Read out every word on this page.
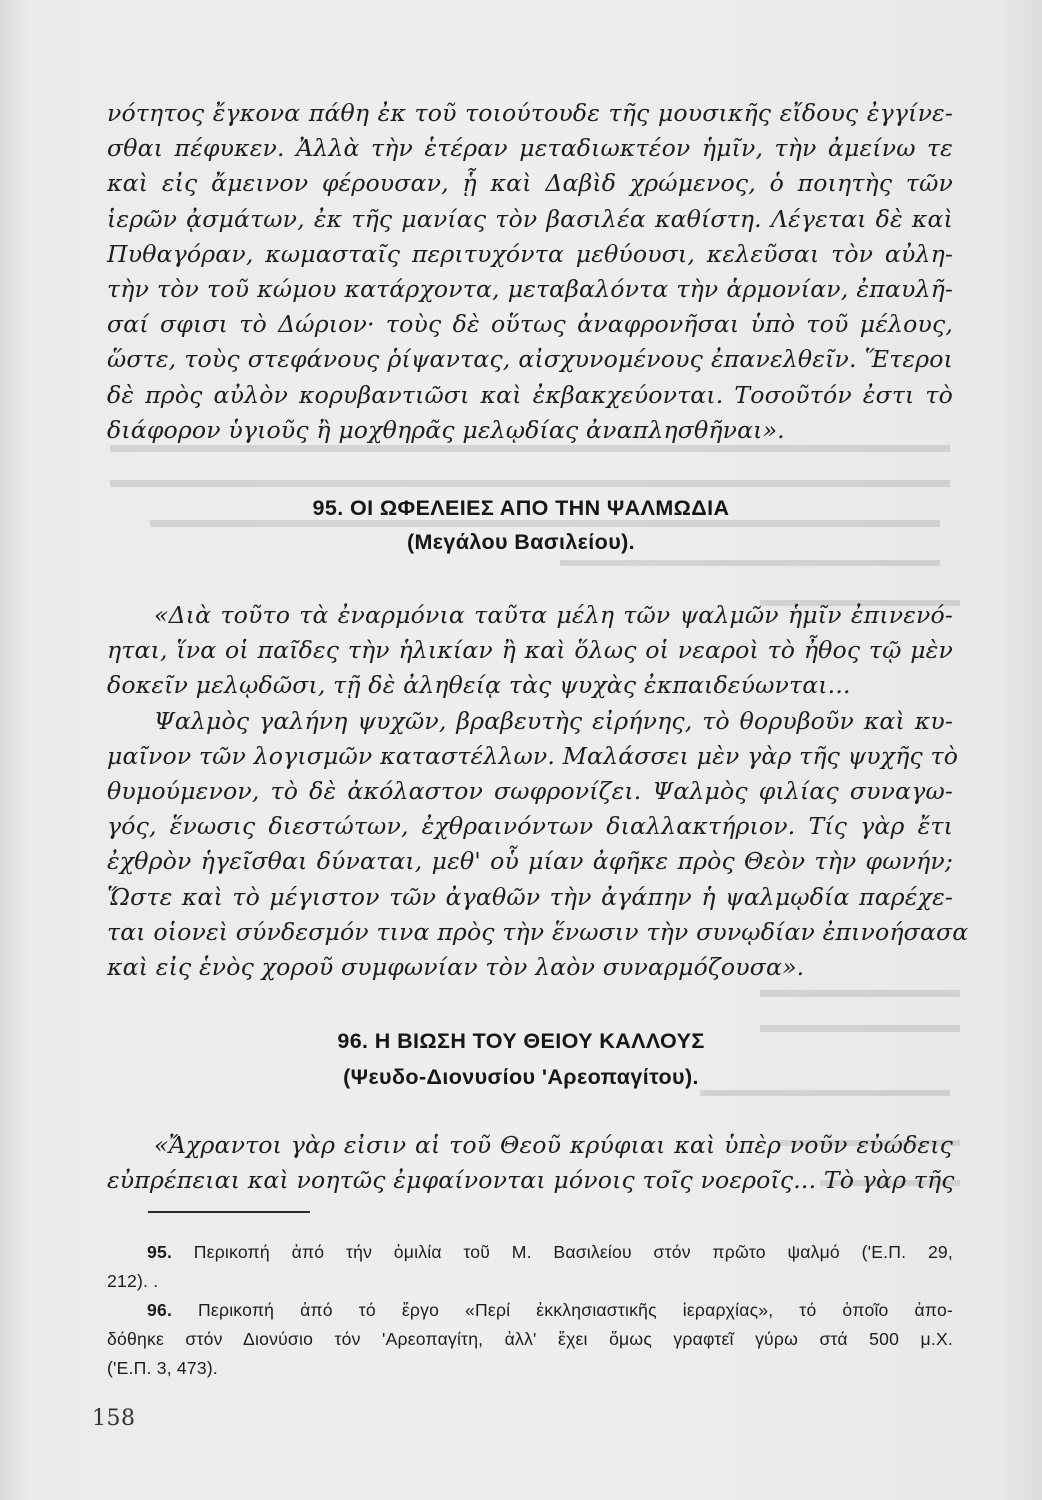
νότητος ἔγκονα πάθη ἐκ τοῦ τοιούτουδε τῆς μουσικῆς εἴδους ἐγγίνε-
σθαι πέφυκεν. Ἀλλὰ τὴν ἑτέραν μεταδιωκτέον ἡμῖν, τὴν ἀμείνω τε
καὶ εἰς ἄμεινον φέρουσαν, ᾗ καὶ Δαβὶδ χρώμενος, ὁ ποιητὴς τῶν
ἱερῶν ᾀσμάτων, ἐκ τῆς μανίας τὸν βασιλέα καθίστη. Λέγεται δὲ καὶ
Πυθαγόραν, κωμασταῖς περιτυχόντα μεθύουσι, κελεῦσαι τὸν αὐλη-
τὴν τὸν τοῦ κώμου κατάρχοντα, μεταβαλόντα τὴν ἁρμονίαν, ἐπαυλῆ-
σαί σφισι τὸ Δώριον· τοὺς δὲ οὕτως ἀναφρονῆσαι ὑπὸ τοῦ μέλους,
ὥστε, τοὺς στεφάνους ῥίψαντας, αἰσχυνομένους ἐπανελθεῖν. Ἕτεροι
δὲ πρὸς αὐλὸν κορυβαντιῶσι καὶ ἐκβακχεύονται. Τοσοῦτόν ἐστι τὸ
διάφορον ὑγιοῦς ἢ μοχθηρᾶς μελῳδίας ἀναπλησθῆναι».
95. ΟΙ ΩΦΕΛΕΙΕΣ ΑΠΟ ΤΗΝ ΨΑΛΜΩΔΙΑ
(Μεγάλου Βασιλείου).
«Διὰ τοῦτο τὰ ἐναρμόνια ταῦτα μέλη τῶν ψαλμῶν ἡμῖν ἐπινενό-
ηται, ἵνα οἱ παῖδες τὴν ἡλικίαν ἢ καὶ ὅλως οἱ νεαροὶ τὸ ἦθος τῷ μὲν
δοκεῖν μελῳδῶσι, τῇ δὲ ἀληθείᾳ τὰς ψυχὰς ἐκπαιδεύωνται...
Ψαλμὸς γαλήνη ψυχῶν, βραβευτὴς εἰρήνης, τὸ θορυβοῦν καὶ κυ-
μαῖνον τῶν λογισμῶν καταστέλλων. Μαλάσσει μὲν γὰρ τῆς ψυχῆς τὸ
θυμούμενον, τὸ δὲ ἀκόλαστον σωφρονίζει. Ψαλμὸς φιλίας συναγω-
γός, ἕνωσις διεστώτων, ἐχθραινόντων διαλλακτήριον. Τίς γὰρ ἔτι
ἐχθρὸν ἡγεῖσθαι δύναται, μεθ' οὗ μίαν ἀφῆκε πρὸς Θεὸν τὴν φωνήν;
Ὥστε καὶ τὸ μέγιστον τῶν ἀγαθῶν τὴν ἀγάπην ἡ ψαλμῳδία παρέχε-
ται οἱονεὶ σύνδεσμόν τινα πρὸς τὴν ἕνωσιν τὴν συνῳδίαν ἐπινοήσασα
καὶ εἰς ἑνὸς χοροῦ συμφωνίαν τὸν λαὸν συναρμόζουσα».
96. Η ΒΙΩΣΗ ΤΟΥ ΘΕΙΟΥ ΚΑΛΛΟΥΣ
(Ψευδο-Διονυσίου 'Αρεοπαγίτου).
«Ἄχραντοι γὰρ εἰσιν αἱ τοῦ Θεοῦ κρύφιαι καὶ ὑπὲρ νοῦν εὐώδεις
εὐπρέπειαι καὶ νοητῶς ἐμφαίνονται μόνοις τοῖς νοεροῖς... Τὸ γὰρ τῆς
95. Περικοπή ἀπό τήν ὁμιλία τοῦ Μ. Βασιλείου στόν πρῶτο ψαλμό ('Ε.Π. 29,
212). .
96. Περικοπή ἀπό τό ἔργο «Περί ἐκκλησιαστικῆς ἱεραρχίας», τό ὁποῖο ἀπο-
δόθηκε στόν Διονύσιο τόν 'Αρεοπαγίτη, ἀλλ' ἔχει ὅμως γραφτεῖ γύρω στά 500 μ.Χ.
('Ε.Π. 3, 473).
158
